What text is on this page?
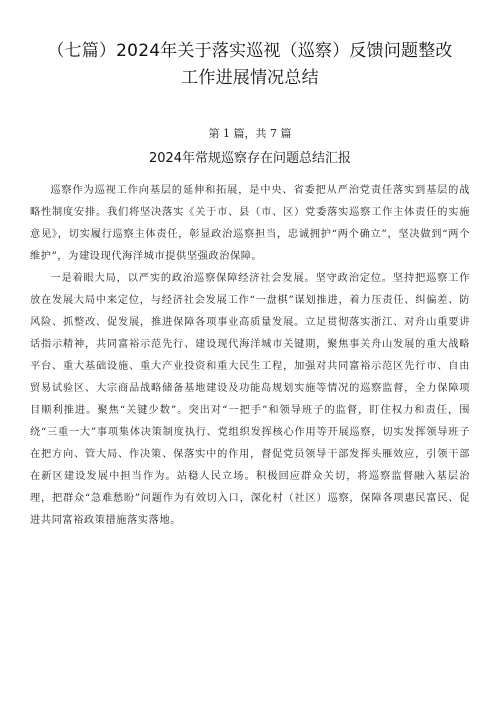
（七篇）2024年关于落实巡视（巡察）反馈问题整改
工作进展情况总结
第 1 篇，共 7 篇
2024年常规巡察存在问题总结汇报

巡察作为巡视工作向基层的延伸和拓展，是中央、省委把从严治党责任落实到基层的战略性制度安排。我们将坚决落实《关于市、县（市、区）党委落实巡察工作主体责任的实施意见》，切实履行巡察主体责任，彰显政治巡察担当，忠诚拥护“两个确立”，坚决做到“两个维护”，为建设现代海洋城市提供坚强政治保障。

一是着眼大局，以严实的政治巡察保障经济社会发展。坚守政治定位。坚持把巡察工作放在发展大局中来定位，与经济社会发展工作“一盘棋”谋划推进，着力压责任、纠偏差、防风险、抓整改、促发展，推进保障各项事业高质量发展。立足贯彻落实浙江、对舟山重要讲话指示精神，共同富裕示范先行、建设现代海洋城市关键期，聚焦事关舟山发展的重大战略平台、重大基础设施、重大产业投资和重大民生工程，加强对共同富裕示范区先行市、自由贸易试验区、大宗商品战略储备基地建设及功能岛规划实施等情况的巡察监督，全力保障项目顺利推进。聚焦“关键少数”。突出对“一把手”和领导班子的监督，盯住权力和责任，围绕“三重一大”事项集体决策制度执行、党组织发挥核心作用等开展巡察，切实发挥领导班子在把方向、管大局、作决策、保落实中的作用，督促党员领导干部发挥头雁效应，引领干部在新区建设发展中担当作为。站稳人民立场。积极回应群众关切，将巡察监督融入基层治理，把群众“急难愁盼”问题作为有效切入口，深化村（社区）巡察，保障各项惠民富民、促进共同富裕政策措施落实落地。
